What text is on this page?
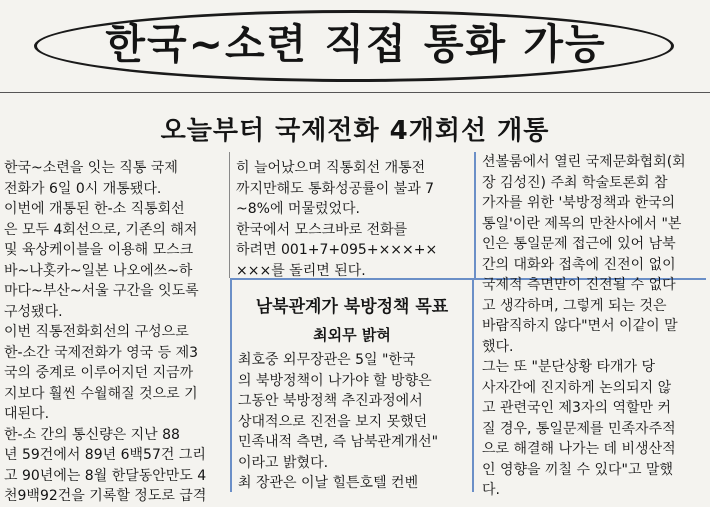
한국~소련 직접 통화 가능
오늘부터 국제전화 4개회선 개통
한국~소련을 잇는 직통 국제
전화가 6일 0시 개통됐다.
이번에 개통된 한-소 직통회선
은 모두 4회선으로, 기존의 해저
및 육상케이블을 이용해 모스크
바~나홋카~일본 나오에쓰~하
마다~부산~서울 구간을 잇도록
구성됐다.
이번 직통전화회선의 구성으로
한-소간 국제전화가 영국 등 제3
국의 중계로 이루어지던 지금까
지보다 훨씬 수월해질 것으로 기
대된다.
한-소 간의 통신량은 지난 88
년 59건에서 89년 6백57건 그리
고 90년에는 8월 한달동안만도 4
천9백92건을 기록할 정도로 급격
히 늘어났으며 직통회선 개통전
까지만해도 통화성공률이 불과 7
~8%에 머물렀었다.
한국에서 모스크바로 전화를
하려면 001+7+095+×××+×
×××를 돌리면 된다.
션볼룸에서 열린 국제문화협회(회
장 김성진) 주최 학술토론회 참
가자를 위한 '북방정책과 한국의
통일'이란 제목의 만찬사에서 "본
인은 통일문제 접근에 있어 남북
간의 대화와 접촉에 진전이 없이
국제적 측면만이 진전될 수 없다
고 생각하며, 그렇게 되는 것은
바람직하지 않다"면서 이같이 말
했다.
그는 또 "분단상황 타개가 당
사자간에 진지하게 논의되지 않
고 관련국인 제3자의 역할만 커
질 경우, 통일문제를 민족자주적
으로 해결해 나가는 데 비생산적
인 영향을 끼칠 수 있다"고 말했
다.
남북관계가 북방정책 목표
최외무 밝혀
최호중 외무장관은 5일 "한국
의 북방정책이 나가야 할 방향은
그동안 북방정책 추진과정에서
상대적으로 진전을 보지 못했던
민족내적 측면, 즉 남북관계개선"
이라고 밝혔다.
최 장관은 이날 힐튼호텔 컨벤
